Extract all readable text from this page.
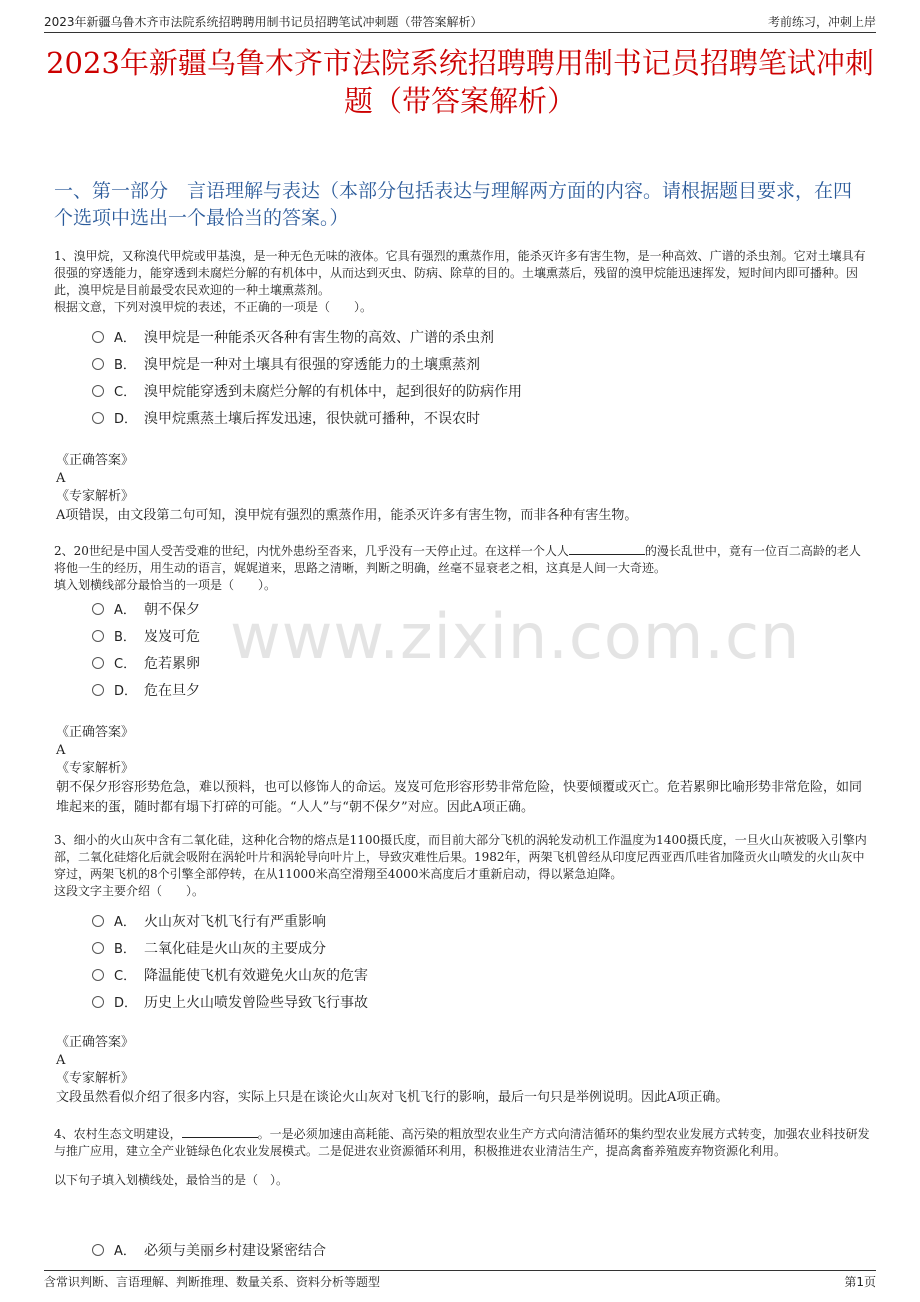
2023年新疆乌鲁木齐市法院系统招聘聘用制书记员招聘笔试冲刺题（带答案解析）	考前练习，冲刺上岸
2023年新疆乌鲁木齐市法院系统招聘聘用制书记员招聘笔试冲刺题（带答案解析）
一、第一部分　言语理解与表达（本部分包括表达与理解两方面的内容。请根据题目要求，在四个选项中选出一个最恰当的答案。）
www.zixin.com.cn

1、溴甲烷，又称溴代甲烷或甲基溴，是一种无色无味的液体。它具有强烈的熏蒸作用，能杀灭许多有害生物，是一种高效、广谱的杀虫剂。它对土壤具有很强的穿透能力，能穿透到未腐烂分解的有机体中，从而达到灭虫、防病、除草的目的。土壤熏蒸后，残留的溴甲烷能迅速挥发，短时间内即可播种。因此，溴甲烷是目前最受农民欢迎的一种土壤熏蒸剂。

根据文意，下列对溴甲烷的表述，不正确的一项是（　　）。

A． 溴甲烷是一种能杀灭各种有害生物的高效、广谱的杀虫剂
B． 溴甲烷是一种对土壤具有很强的穿透能力的土壤熏蒸剂
C． 溴甲烷能穿透到未腐烂分解的有机体中，起到很好的防病作用
D． 溴甲烷熏蒸土壤后挥发迅速，很快就可播种，不误农时

《正确答案》

A

《专家解析》

A项错误，由文段第二句可知，溴甲烷有强烈的熏蒸作用，能杀灭许多有害生物，而非各种有害生物。

2、20世纪是中国人受苦受难的世纪，内忧外患纷至沓来，几乎没有一天停止过。在这样一个人人	的漫长乱世中，竟有一位百二高龄的老人将他一生的经历，用生动的语言，娓娓道来，思路之清晰，判断之明确，丝毫不显衰老之相，这真是人间一大奇迹。

填入划横线部分最恰当的一项是（　　）。

A． 朝不保夕
B． 岌岌可危
C． 危若累卵
D． 危在旦夕

《正确答案》

A

《专家解析》

朝不保夕形容形势危急，难以预料，也可以修饰人的命运。岌岌可危形容形势非常危险，快要倾覆或灭亡。危若累卵比喻形势非常危险，如同堆起来的蛋，随时都有塌下打碎的可能。“人人”与“朝不保夕”对应。因此A项正确。

3、细小的火山灰中含有二氧化硅，这种化合物的熔点是1100摄氏度，而目前大部分飞机的涡轮发动机工作温度为1400摄氏度，一旦火山灰被吸入引擎内部，二氧化硅熔化后就会吸附在涡轮叶片和涡轮导向叶片上，导致灾难性后果。1982年，两架飞机曾经从印度尼西亚西爪哇省加隆贡火山喷发的火山灰中穿过，两架飞机的8个引擎全部停转，在从11000米高空滑翔至4000米高度后才重新启动，得以紧急迫降。

这段文字主要介绍（　　）。

A． 火山灰对飞机飞行有严重影响
B． 二氧化硅是火山灰的主要成分
C． 降温能使飞机有效避免火山灰的危害
D． 历史上火山喷发曾险些导致飞行事故

《正确答案》

A

《专家解析》

文段虽然看似介绍了很多内容，实际上只是在谈论火山灰对飞机飞行的影响，最后一句只是举例说明。因此A项正确。

4、农村生态文明建设，	。一是必须加速由高耗能、高污染的粗放型农业生产方式向清洁循环的集约型农业发展方式转变，加强农业科技研发与推广应用，建立全产业链绿色化农业发展模式。二是促进农业资源循环利用，积极推进农业清洁生产，提高禽畜养殖废弃物资源化利用。

以下句子填入划横线处，最恰当的是（　）。

A． 必须与美丽乡村建设紧密结合
含常识判断、言语理解、判断推理、数量关系、资料分析等题型	第1页
